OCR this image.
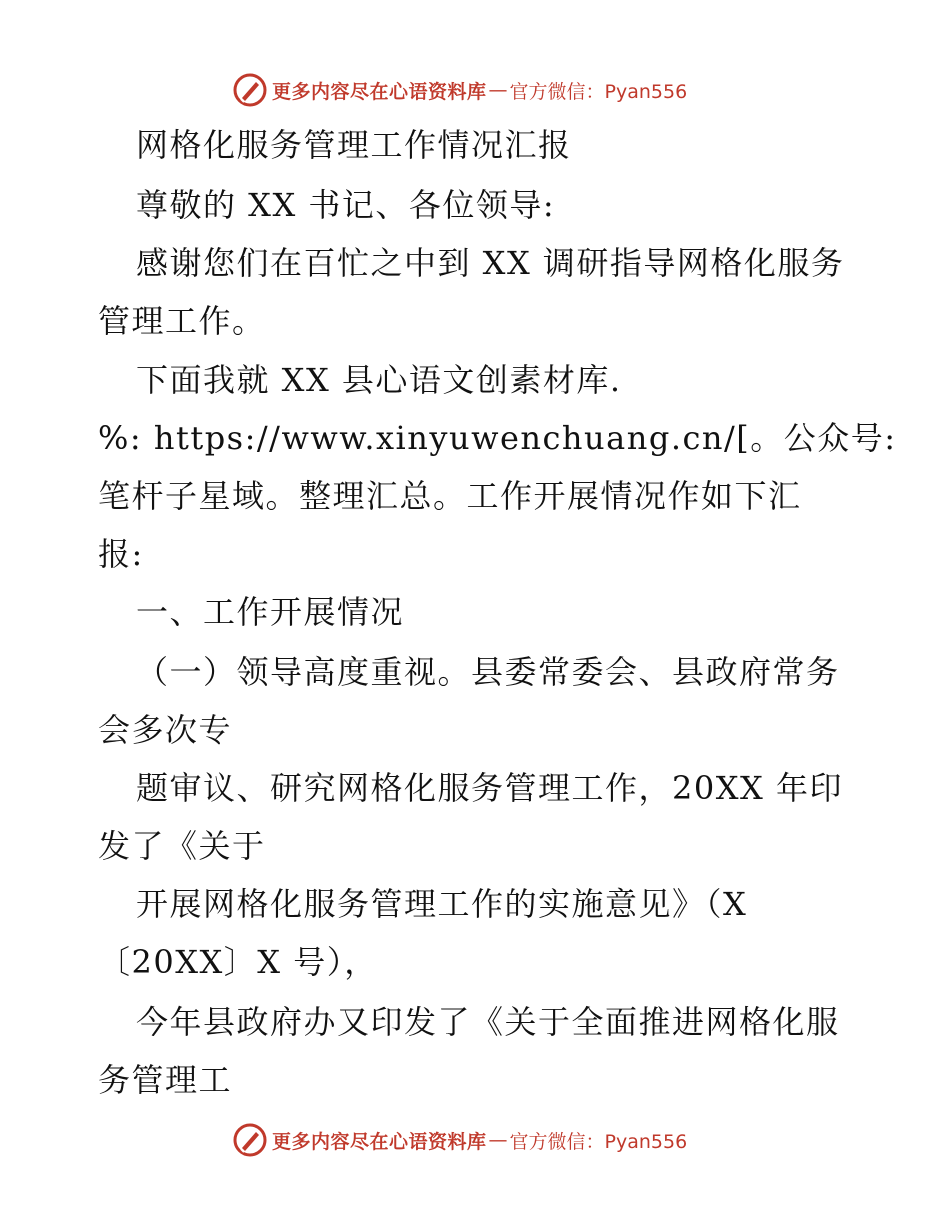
更多内容尽在心语资料库 — 官方微信：Pyan556
网格化服务管理工作情况汇报
尊敬的 XX 书记、各位领导:
感谢您们在百忙之中到 XX 调研指导网格化服务
管理工作。
下面我就 XX 县心语文创素材库.
%: https://www.xinyuwenchuang.cn/[。公众号:
笔杆子星域。整理汇总。工作开展情况作如下汇
报:
一、工作开展情况
（一）领导高度重视。县委常委会、县政府常务
会多次专
题审议、研究网格化服务管理工作，20XX 年印
发了《关于
开展网格化服务管理工作的实施意见》（X
〔20XX〕X 号），
今年县政府办又印发了《关于全面推进网格化服
务管理工
更多内容尽在心语资料库 — 官方微信：Pyan556
